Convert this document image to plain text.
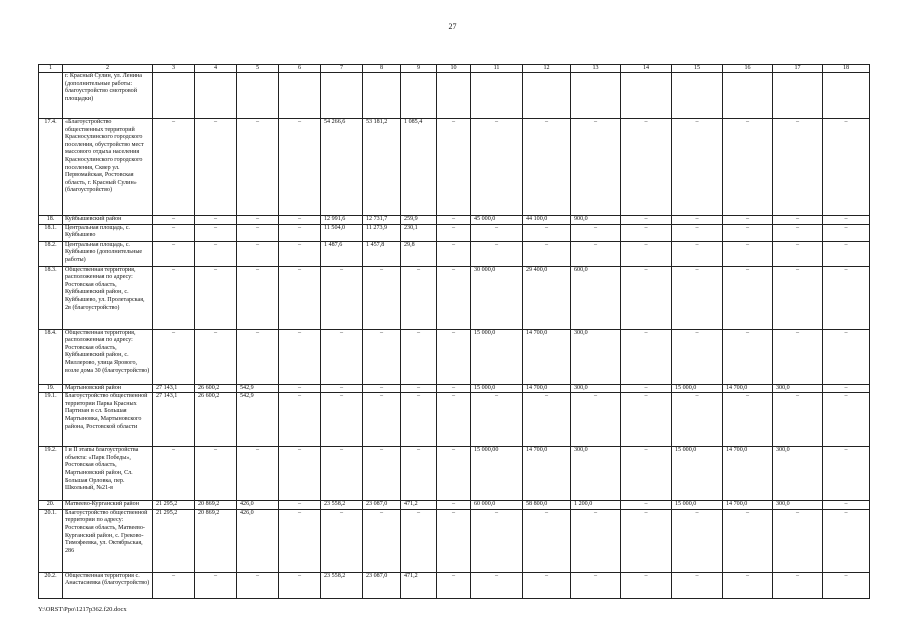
27
1	2	3	4	5	6	7	8	9	10	11	12	13	14	15	16	17	18
	г. Красный Сулин, ул. Ленина (дополнительные работы: благоустройство смотровой площадки)																
17.4.	«Благоустройство общественных территорий Красносулинского городского поселения, обустройство мест массового отдыха населения Красносулинского городского поселения, Сквер ул. Первомайская, Ростовская область, г. Красный Сулин» (благоустройство)	–	–	–	–	54 266,6	53 181,2	1 085,4	–	–	–	–	–	–	–	–	–
18.	Куйбышевский район	–	–	–	–	12 991,6	12 731,7	259,9	–	45 000,0	44 100,0	900,0	–	–	–	–	–
18.1.	Центральная площадь, с. Куйбышево	–	–	–	–	11 504,0	11 273,9	230,1	–	–	–	–	–	–	–	–	–
18.2.	Центральная площадь, с. Куйбышево (дополнительные работы)	–	–	–	–	1 487,6	1 457,8	29,8	–	–	–	–	–	–	–	–	–
18.3.	Общественная территория, расположенная по адресу: Ростовская область, Куйбышевский район, с. Куйбышево, ул. Пролетарская, 2в (благоустройство)	–	–	–	–	–	–	–	–	30 000,0	29 400,0	600,0	–	–	–	–	–
18.4.	Общественная территория, расположенная по адресу: Ростовская область, Куйбышевский район, с. Миллерово, улица Ярового, возле дома 30 (благоустройство)	–	–	–	–	–	–	–	–	15 000,0	14 700,0	300,0	–	–	–	–	–
19.	Мартыновский район	27 143,1	26 600,2	542,9	–	–	–	–	–	15 000,0	14 700,0	300,0	–	15 000,0	14 700,0	300,0	–
19.1.	Благоустройство общественной территории Парка Красных Партизан в сл. Большая Мартыновка, Мартыновского района, Ростовской области	27 143,1	26 600,2	542,9	–	–	–	–	–	–	–	–	–	–	–	–	–
19.2.	I и II этапы благоустройства объекта: «Парк Победы», Ростовская область, Мартыновский район, Сл. Большая Орловка, пер. Школьный, №21-в	–	–	–	–	–	–	–	–	15 000,00	14 700,0	300,0	–	15 000,0	14 700,0	300,0	–
20.	Матвеево-Курганский район	21 295,2	20 869,2	426,0	–	23 558,2	23 087,0	471,2	–	60 000,0	58 800,0	1 200,0	–	15 000,0	14 700,0	300,0	–
20.1.	Благоустройство общественной территории по адресу: Ростовская область, Матвеево-Курганский район, с. Греково-Тимофеевка, ул. Октябрьская, 286	21 295,2	20 869,2	426,0	–	–	–	–	–	–	–	–	–	–	–	–	–
20.2.	Общественная территория с. Анастасиевка (благоустройство)	–	–	–	–	23 558,2	23 087,0	471,2	–	–	–	–	–	–	–	–	–
Y:\ORST\Ppo\1217p362.f20.docx
